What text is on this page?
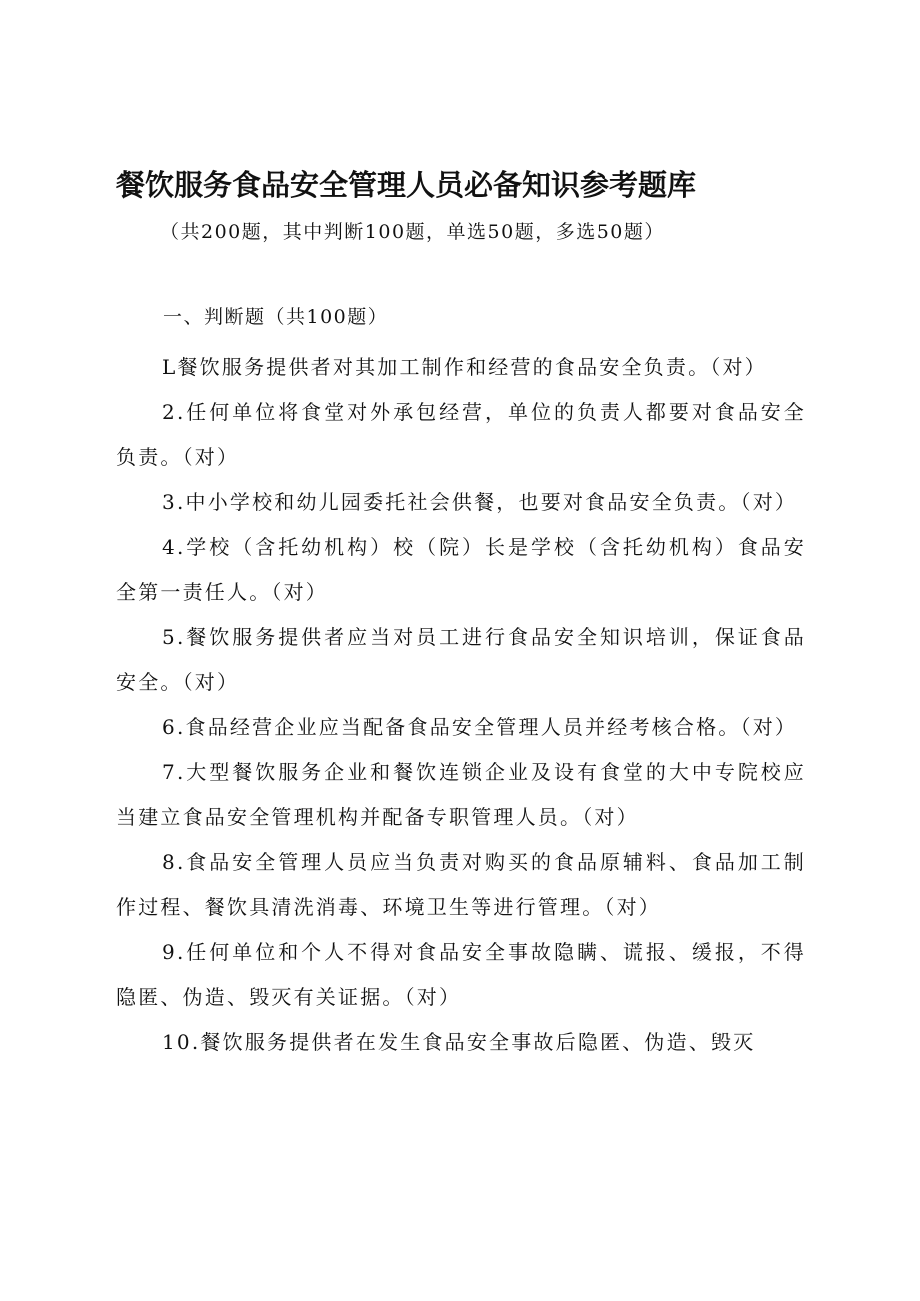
餐饮服务食品安全管理人员必备知识参考题库
（共200题，其中判断100题，单选50题，多选50题）
一、判断题（共100题）

L餐饮服务提供者对其加工制作和经营的食品安全负责。（对）

2.任何单位将食堂对外承包经营，单位的负责人都要对食品安全负责。（对）

3.中小学校和幼儿园委托社会供餐，也要对食品安全负责。（对）

4.学校（含托幼机构）校（院）长是学校（含托幼机构）食品安全第一责任人。（对）

5.餐饮服务提供者应当对员工进行食品安全知识培训，保证食品安全。（对）

6.食品经营企业应当配备食品安全管理人员并经考核合格。（对）

7.大型餐饮服务企业和餐饮连锁企业及设有食堂的大中专院校应当建立食品安全管理机构并配备专职管理人员。（对）

8.食品安全管理人员应当负责对购买的食品原辅料、食品加工制作过程、餐饮具清洗消毒、环境卫生等进行管理。（对）

9.任何单位和个人不得对食品安全事故隐瞒、谎报、缓报，不得隐匿、伪造、毁灭有关证据。（对）

10.餐饮服务提供者在发生食品安全事故后隐匿、伪造、毁灭
